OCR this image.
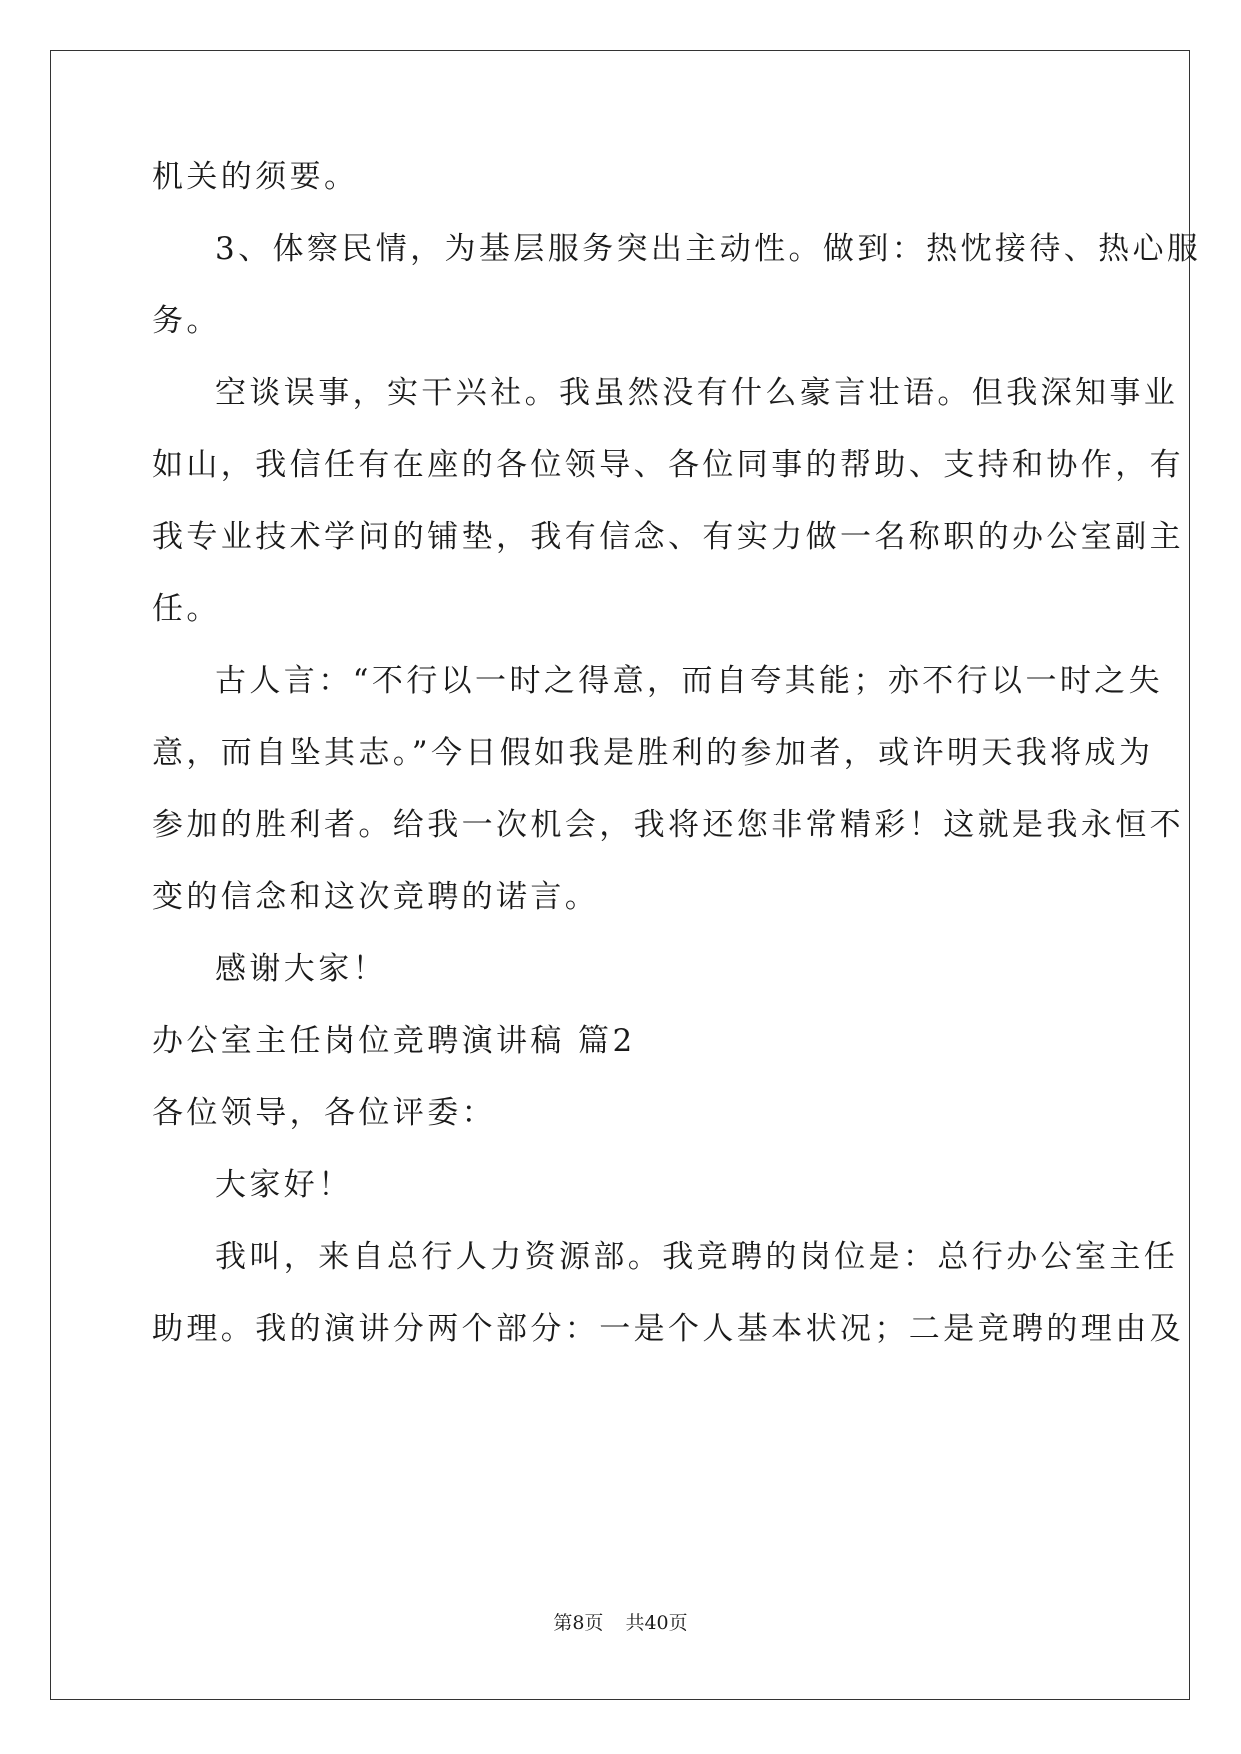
机关的须要。
3、体察民情，为基层服务突出主动性。做到：热忱接待、热心服
务。
空谈误事，实干兴社。我虽然没有什么豪言壮语。但我深知事业
如山，我信任有在座的各位领导、各位同事的帮助、支持和协作，有
我专业技术学问的铺垫，我有信念、有实力做一名称职的办公室副主
任。
古人言：“不行以一时之得意，而自夸其能；亦不行以一时之失
意，而自坠其志。”今日假如我是胜利的参加者，或许明天我将成为
参加的胜利者。给我一次机会，我将还您非常精彩！这就是我永恒不
变的信念和这次竞聘的诺言。
感谢大家！
办公室主任岗位竞聘演讲稿 篇2
各位领导，各位评委：
大家好！
我叫，来自总行人力资源部。我竞聘的岗位是：总行办公室主任
助理。我的演讲分两个部分：一是个人基本状况；二是竞聘的理由及
第8页 共40页
